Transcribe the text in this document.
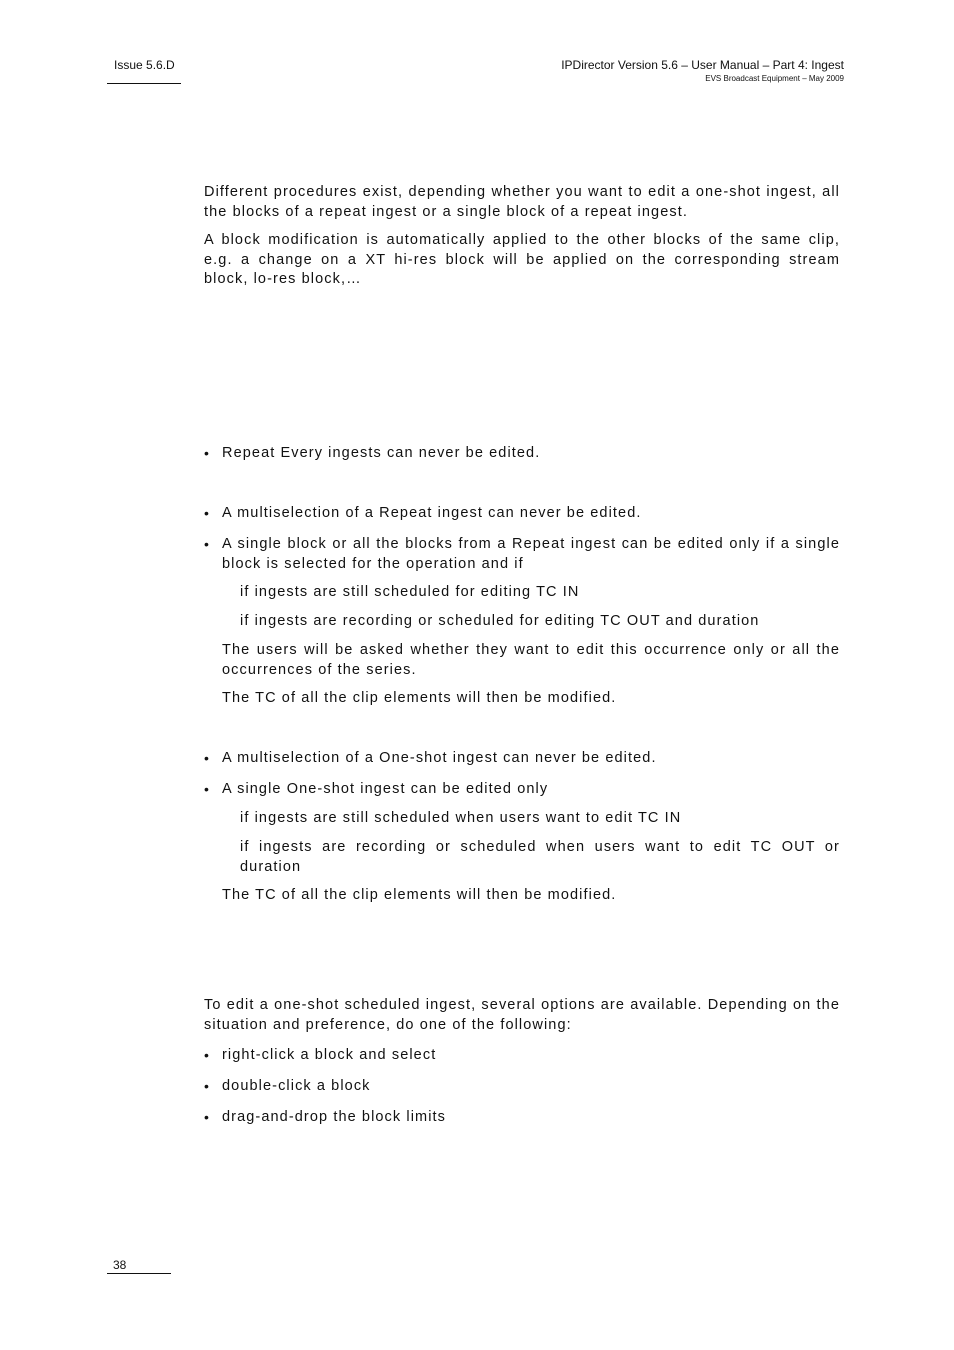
Issue 5.6.D	IPDirector Version 5.6 – User Manual – Part 4: Ingest
EVS Broadcast Equipment – May 2009

Different procedures exist, depending whether you want to edit a one-shot ingest, all the blocks of a repeat ingest or a single block of a repeat ingest.

A block modification is automatically applied to the other blocks of the same clip, e.g. a change on a XT hi-res block will be applied on the corresponding stream block, lo-res block,…

• Repeat Every ingests can never be edited.
• A multiselection of a Repeat ingest can never be edited.
• A single block or all the blocks from a Repeat ingest can be edited only if a single block is selected for the operation and if

if ingests are still scheduled for editing TC IN

if ingests are recording or scheduled for editing TC OUT and duration

The users will be asked whether they want to edit this occurrence only or all the occurrences of the series.

The TC of all the clip elements will then be modified.

• A multiselection of a One-shot ingest can never be edited.
• A single One-shot ingest can be edited only

if ingests are still scheduled when users want to edit TC IN

if ingests are recording or scheduled when users want to edit TC OUT or duration

The TC of all the clip elements will then be modified.

To edit a one-shot scheduled ingest, several options are available. Depending on the situation and preference, do one of the following:

• right-click a block and select
• double-click a block
• drag-and-drop the block limits
38
